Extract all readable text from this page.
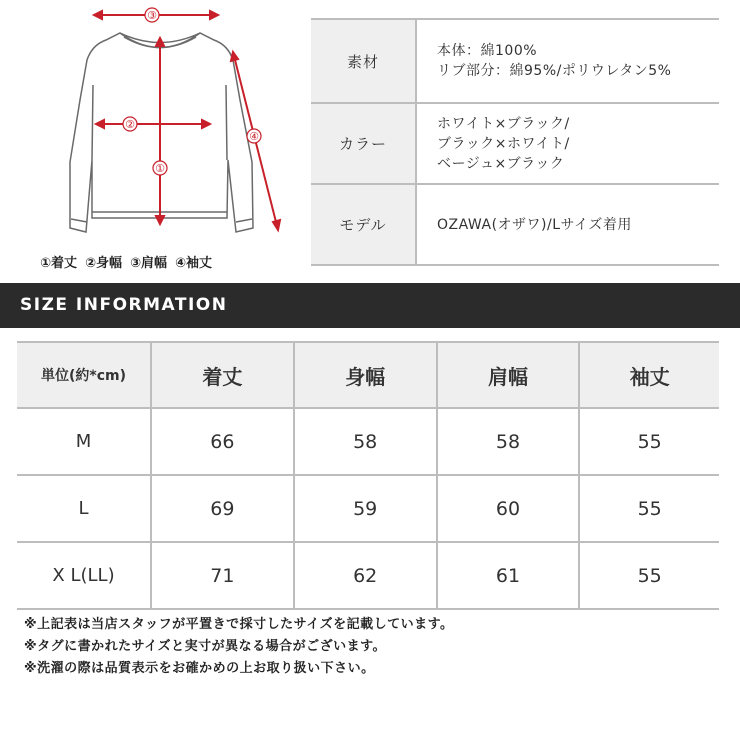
③
②
①
④
①着丈 ②身幅 ③肩幅 ④袖丈
素材	本体：綿100%
リブ部分：綿95%/ポリウレタン5%

カラー	ホワイト×ブラック/
ブラック×ホワイト/
ベージュ×ブラック

モデル	OZAWA(オザワ)/Lサイズ着用
SIZE INFORMATION
単位(約*cm)	着丈	身幅	肩幅	袖丈
M	66	58	58	55
L	69	59	60	55
X L(LL)	71	62	61	55
※上記表は当店スタッフが平置きで採寸したサイズを記載しています。
※タグに書かれたサイズと実寸が異なる場合がございます。
※洗濯の際は品質表示をお確かめの上お取り扱い下さい。
